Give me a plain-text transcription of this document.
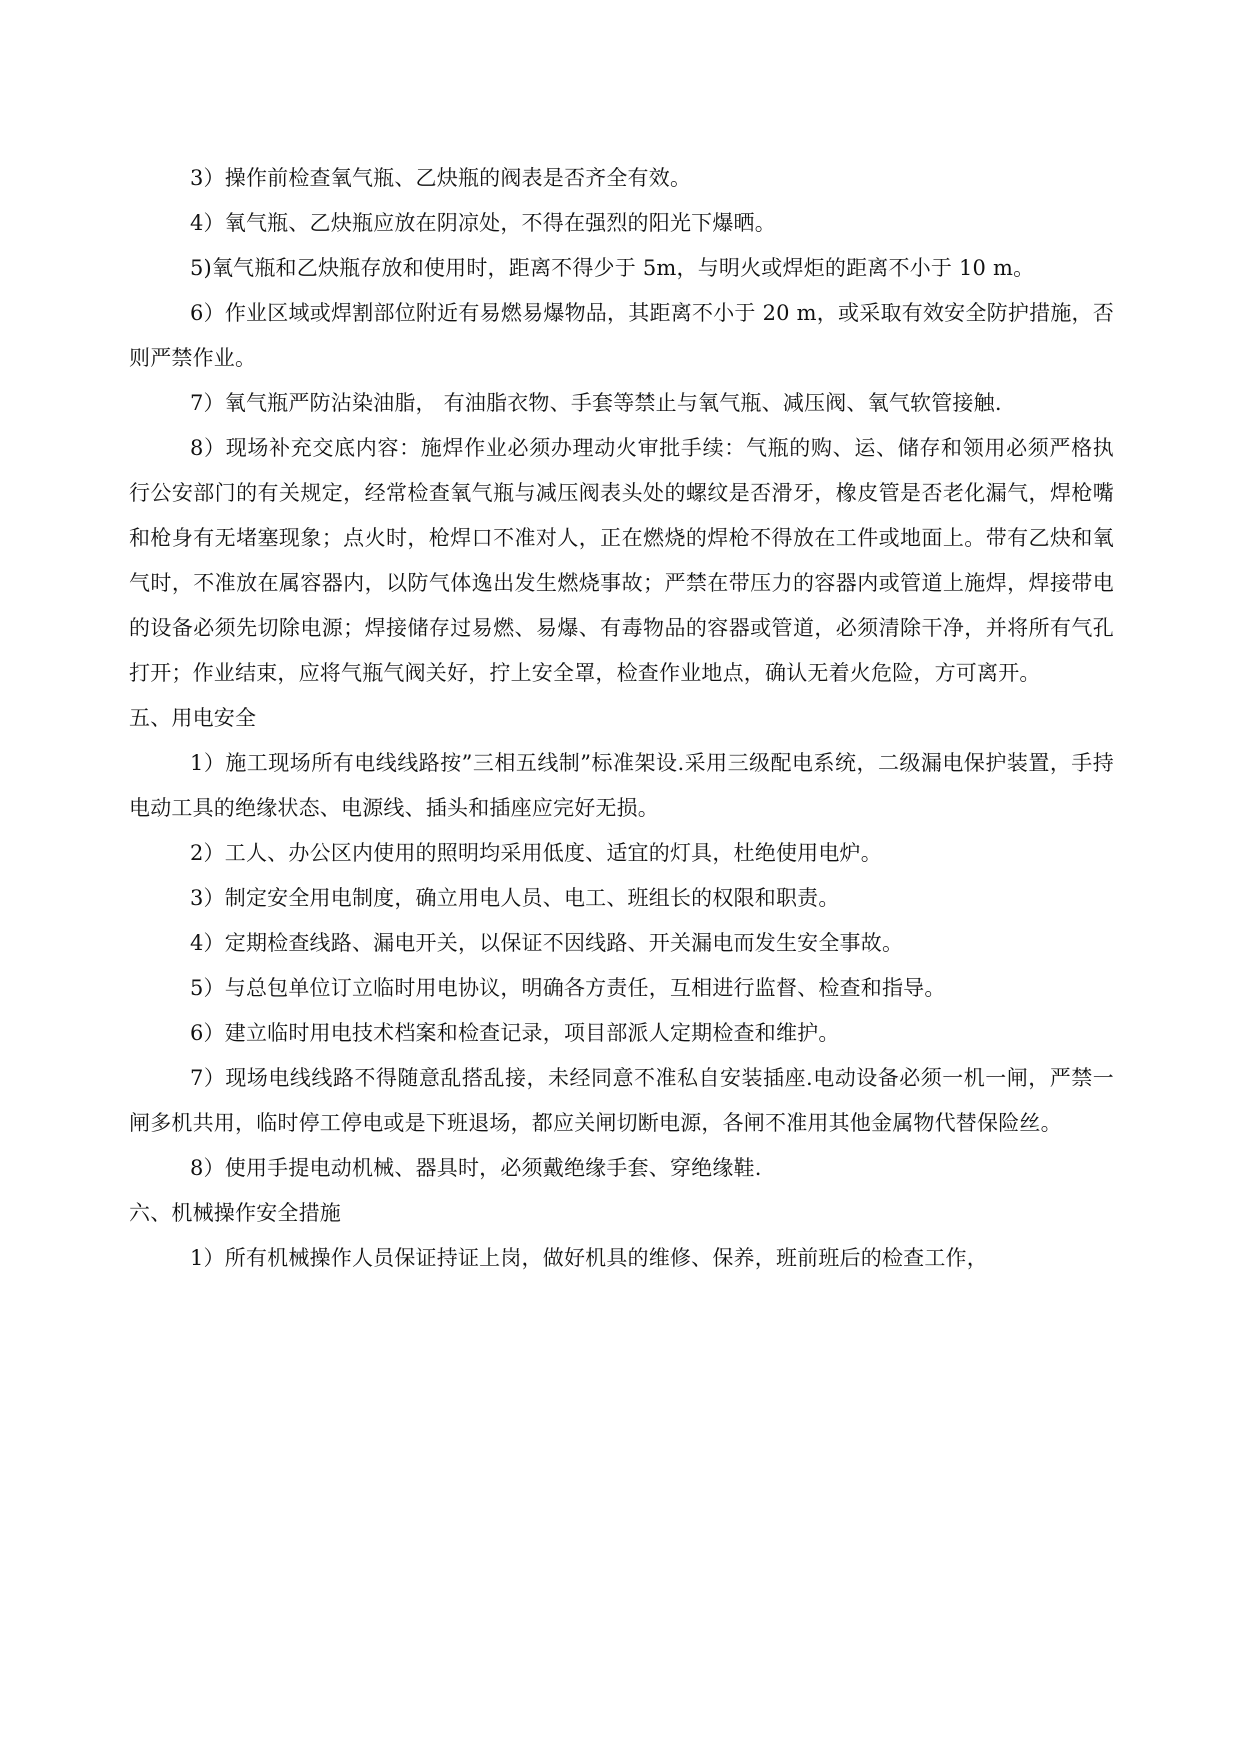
3）操作前检查氧气瓶、乙炔瓶的阀表是否齐全有效。

4）氧气瓶、乙炔瓶应放在阴凉处，不得在强烈的阳光下爆晒。

5)氧气瓶和乙炔瓶存放和使用时，距离不得少于 5m，与明火或焊炬的距离不小于 10 m。

6）作业区域或焊割部位附近有易燃易爆物品，其距离不小于 20 m，或采取有效安全防护措施，否则严禁作业。

7）氧气瓶严防沾染油脂， 有油脂衣物、手套等禁止与氧气瓶、减压阀、氧气软管接触.

8）现场补充交底内容：施焊作业必须办理动火审批手续：气瓶的购、运、储存和领用必须严格执行公安部门的有关规定，经常检查氧气瓶与减压阀表头处的螺纹是否滑牙，橡皮管是否老化漏气，焊枪嘴和枪身有无堵塞现象；点火时，枪焊口不准对人，正在燃烧的焊枪不得放在工件或地面上。带有乙炔和氧气时，不准放在属容器内，以防气体逸出发生燃烧事故；严禁在带压力的容器内或管道上施焊，焊接带电的设备必须先切除电源；焊接储存过易燃、易爆、有毒物品的容器或管道，必须清除干净，并将所有气孔打开；作业结束，应将气瓶气阀关好，拧上安全罩，检查作业地点，确认无着火危险，方可离开。

五、用电安全

1）施工现场所有电线线路按”三相五线制”标准架设.采用三级配电系统，二级漏电保护装置，手持电动工具的绝缘状态、电源线、插头和插座应完好无损。

2）工人、办公区内使用的照明均采用低度、适宜的灯具，杜绝使用电炉。

3）制定安全用电制度，确立用电人员、电工、班组长的权限和职责。

4）定期检查线路、漏电开关，以保证不因线路、开关漏电而发生安全事故。

5）与总包单位订立临时用电协议，明确各方责任，互相进行监督、检查和指导。

6）建立临时用电技术档案和检查记录，项目部派人定期检查和维护。

7）现场电线线路不得随意乱搭乱接，未经同意不准私自安装插座.电动设备必须一机一闸，严禁一闸多机共用，临时停工停电或是下班退场，都应关闸切断电源，各闸不准用其他金属物代替保险丝。

8）使用手提电动机械、器具时，必须戴绝缘手套、穿绝缘鞋.

六、机械操作安全措施

1）所有机械操作人员保证持证上岗，做好机具的维修、保养，班前班后的检查工作，
